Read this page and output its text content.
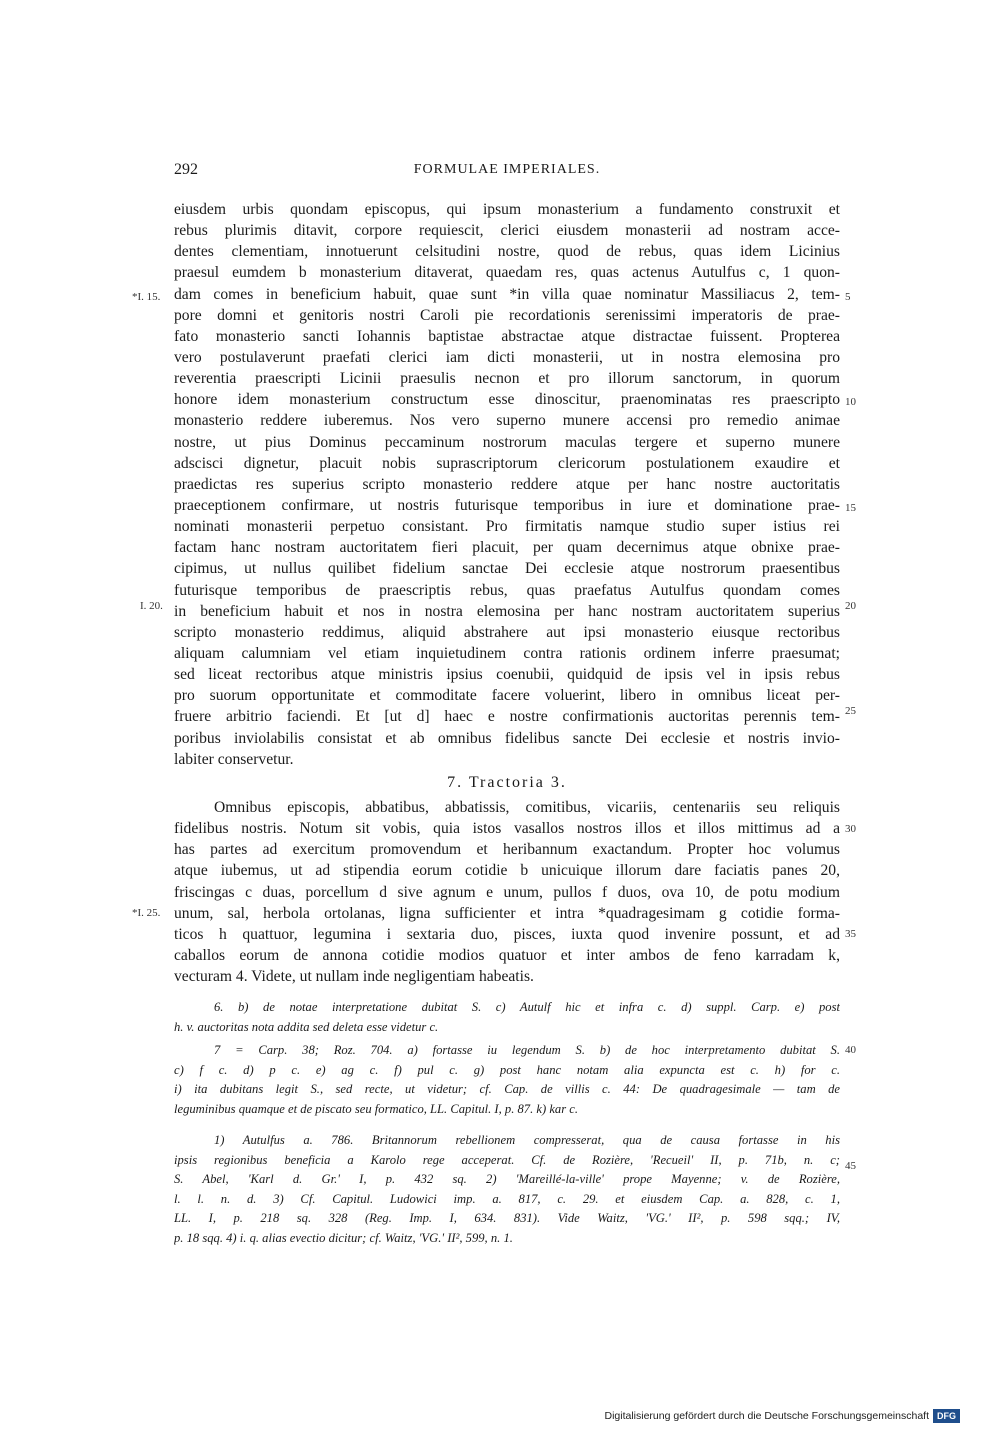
292	FORMULAE IMPERIALES.
eiusdem urbis quondam episcopus, qui ipsum monasterium a fundamento construxit et
rebus plurimis ditavit, corpore requiescit, clerici eiusdem monasterii ad nostram acce-
dentes clementiam, innotuerunt celsitudini nostre, quod de rebus, quas idem Licinius
praesul eumdem b monasterium ditaverat, quaedam res, quas actenus Autulfus c, 1 quon-
dam comes in beneficium habuit, quae sunt *in villa quae nominatur Massiliacus 2, tem-
pore domni et genitoris nostri Caroli pie recordationis serenissimi imperatoris de prae-
fato monasterio sancti Iohannis baptistae abstractae atque distractae fuissent. Propterea
vero postulaverunt praefati clerici iam dicti monasterii, ut in nostra elemosina pro
reverentia praescripti Licinii praesulis necnon et pro illorum sanctorum, in quorum
honore idem monasterium constructum esse dinoscitur, praenominatas res praescripto
monasterio reddere iuberemus. Nos vero superno munere accensi pro remedio animae
nostre, ut pius Dominus peccaminum nostrorum maculas tergere et superno munere
adsciscі dignetur, placuit nobis suprascriptorum clericorum postulationem exaudire et
praedictas res superius scripto monasterio reddere atque per hanc nostre auctoritatis
praeceptionem confirmare, ut nostris futurisque temporibus in iure et dominatione prae-
nominati monasterii perpetuo consistant. Pro firmitatis namque studio super istius rei
factam hanc nostram auctoritatem fieri placuit, per quam decernimus atque obnixe prae-
cipimus, ut nullus quilibet fidelium sanctae Dei ecclesie atque nostrorum praesentibus
futurisque temporibus de praescriptis rebus, quas praefatus Autulfus quondam comes
in beneficium habuit et nos in nostra elemosina per hanc nostram auctoritatem superius
scripto monasterio reddimus, aliquid abstrahere aut ipsi monasterio eiusque rectoribus
aliquam calumniam vel etiam inquietudinem contra rationis ordinem inferre praesumat;
sed liceat rectoribus atque ministris ipsius coenubii, quidquid de ipsis vel in ipsis rebus
pro suorum opportunitate et commoditate facere voluerint, libero in omnibus liceat per-
fruere arbitrio faciendi. Et [ut d] haec e nostre confirmationis auctoritas perennis tem-
poribus inviolabilis consistat et ab omnibus fidelibus sancte Dei ecclesie et nostris invio-
labiter conservetur.
7. Tractoria 3.
Omnibus episcopis, abbatibus, abbatissis, comitibus, vicariis, centenariis seu reliquis
fidelibus nostris. Notum sit vobis, quia istos vasallos nostros illos et illos mittimus ad a
has partes ad exercitum promovendum et heribannum exactandum. Propter hoc volumus
atque iubemus, ut ad stipendia eorum cotidie b unicuique illorum dare faciatis panes 20,
frisсingas c duas, porcellum d sive agnum e unum, pullos f duos, ova 10, de potu modium
unum, sal, herbola ortolanas, ligna sufficienter et intra *quadragesimam g cotidie forma-
ticos h quattuor, legumina i sextaria duo, pisces, iuxta quod invenire possunt, et ad
caballos eorum de annona cotidie modios quatuor et inter ambos de feno karradam k,
vecturam 4. Videte, ut nullam inde negligentiam habeatis.
6. b) de notae interpretatione dubitat S. c) Autulf hic et infra c. d) suppl. Carp. e) post
h. v. auctoritas nota addita sed deleta esse videtur c.
7 = Carp. 38; Roz. 704. a) fortasse iu legendum S. b) de hoc interpretamento dubitat S.
c) f c. d) p c. e) ag c. f) pul c. g) post hanc notam alia expuncta est c. h) for c.
i) ita dubitans legit S., sed recte, ut videtur; cf. Cap. de villis c. 44: De quadragesimale — tam de
leguminibus quamque et de piscato seu formatico, LL. Capitul. I, p. 87. k) kar c.
1) Autulfus a. 786. Britannorum rebellionem compresserat, qua de causa fortasse in his
ipsis regionibus beneficia a Karolo rege acceperat. Cf. de Rozière, 'Recueil' II, p. 71b, n. c;
S. Abel, 'Karl d. Gr.' I, p. 432 sq. 2) 'Mareillé-la-ville' prope Mayenne; v. de Rozière,
l. l. n. d. 3) Cf. Capitul. Ludowici imp. a. 817, c. 29. et eiusdem Cap. a. 828, c. 1,
LL. I, p. 218 sq. 328 (Reg. Imp. I, 634. 831). Vide Waitz, 'VG.' II², p. 598 sqq.; IV,
p. 18 sqq. 4) i. q. alias evectio dicitur; cf. Waitz, 'VG.' II², 599, n. 1.
*I. 15.
I. 20.
*I. 25.
5
10
15
20
25
30
35
40
45
Digitalisierung gefördert durch die Deutsche Forschungsgemeinschaft DFG
